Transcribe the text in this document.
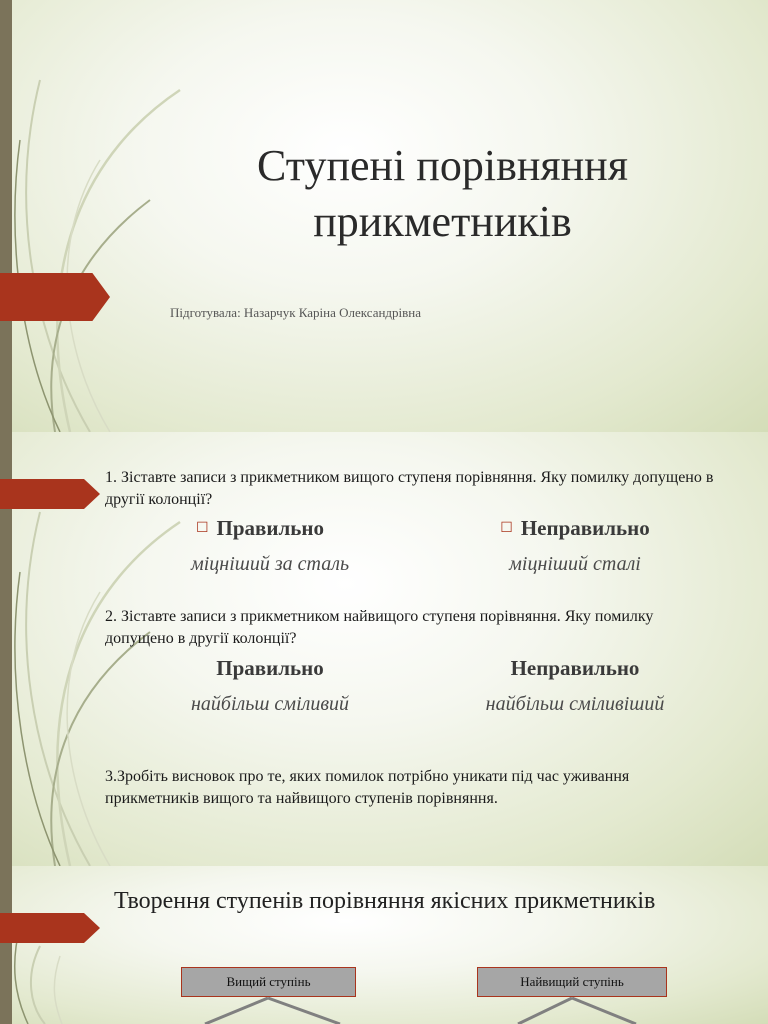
Ступені порівняння прикметників
Підготувала: Назарчук Каріна Олександрівна
1. Зіставте записи з прикметником вищого ступеня порівняння. Яку помилку допущено в другії колонції?
☐ Правильно	☐ Неправильно
міцніший за сталь	міцніший сталі
2. Зіставте записи з прикметником найвищого ступеня порівняння. Яку помилку допущено в другії колонції?
Правильно	Неправильно
найбільш сміливий	найбільш сміливіший
3.Зробіть висновок про те, яких помилок потрібно уникати під час уживання прикметників вищого та найвищого ступенів порівняння.
Творення ступенів порівняння якісних прикметників
Вищий ступінь	Найвищий ступінь
